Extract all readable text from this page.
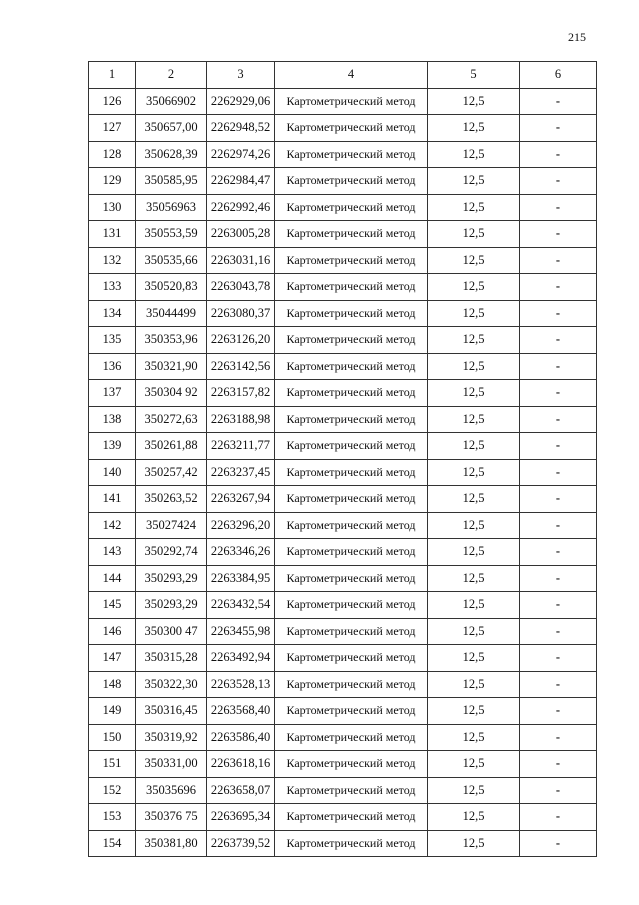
215
1	2	3	4	5	6
126	35066902	2262929,06	Картометрический метод	12,5	-
127	350657,00	2262948,52	Картометрический метод	12,5	-
128	350628,39	2262974,26	Картометрический метод	12,5	-
129	350585,95	2262984,47	Картометрический метод	12,5	-
130	35056963	2262992,46	Картометрический метод	12,5	-
131	350553,59	2263005,28	Картометрический метод	12,5	-
132	350535,66	2263031,16	Картометрический метод	12,5	-
133	350520,83	2263043,78	Картометрический метод	12,5	-
134	35044499	2263080,37	Картометрический метод	12,5	-
135	350353,96	2263126,20	Картометрический метод	12,5	-
136	350321,90	2263142,56	Картометрический метод	12,5	-
137	350304 92	2263157,82	Картометрический метод	12,5	-
138	350272,63	2263188,98	Картометрический метод	12,5	-
139	350261,88	2263211,77	Картометрический метод	12,5	-
140	350257,42	2263237,45	Картометрический метод	12,5	-
141	350263,52	2263267,94	Картометрический метод	12,5	-
142	35027424	2263296,20	Картометрический метод	12,5	-
143	350292,74	2263346,26	Картометрический метод	12,5	-
144	350293,29	2263384,95	Картометрический метод	12,5	-
145	350293,29	2263432,54	Картометрический метод	12,5	-
146	350300 47	2263455,98	Картометрический метод	12,5	-
147	350315,28	2263492,94	Картометрический метод	12,5	-
148	350322,30	2263528,13	Картометрический метод	12,5	-
149	350316,45	2263568,40	Картометрический метод	12,5	-
150	350319,92	2263586,40	Картометрический метод	12,5	-
151	350331,00	2263618,16	Картометрический метод	12,5	-
152	35035696	2263658,07	Картометрический метод	12,5	-
153	350376 75	2263695,34	Картометрический метод	12,5	-
154	350381,80	2263739,52	Картометрический метод	12,5	-
